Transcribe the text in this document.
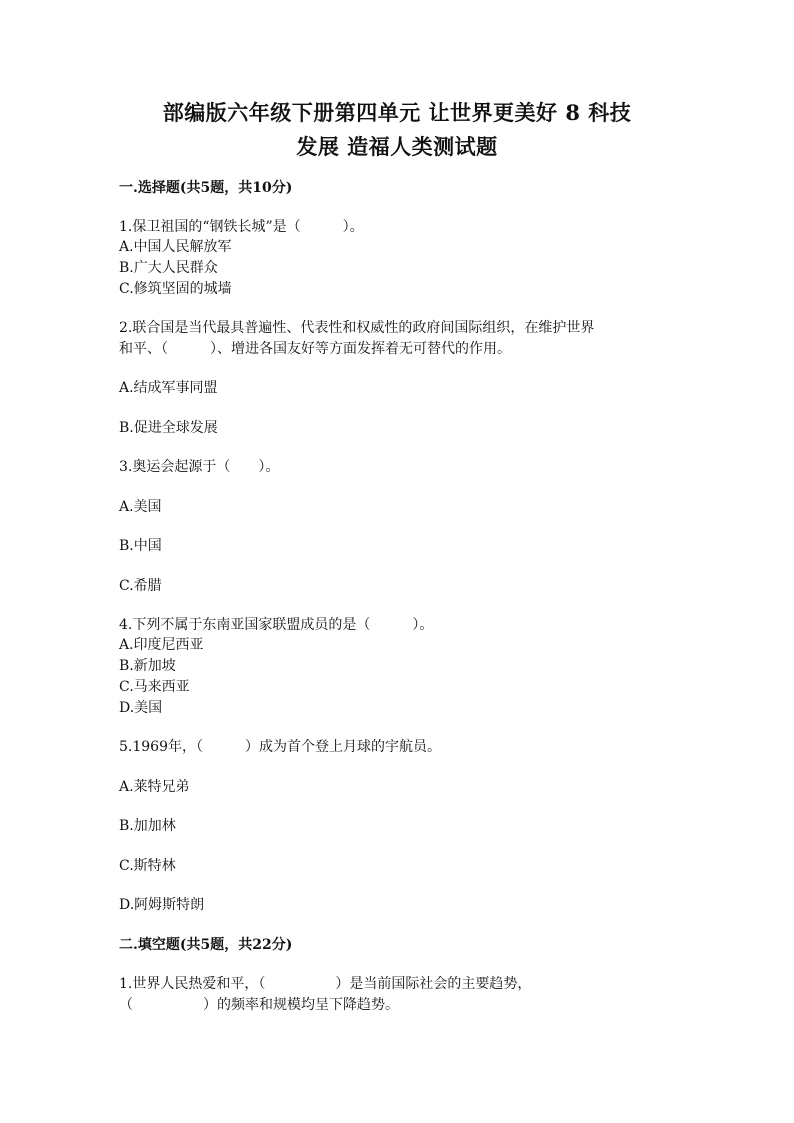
部编版六年级下册第四单元 让世界更美好 8 科技
发展 造福人类测试题
一.选择题(共5题，共10分)
1.保卫祖国的“钢铁长城”是（　　　）。
A.中国人民解放军
B.广大人民群众
C.修筑坚固的城墙
2.联合国是当代最具普遍性、代表性和权威性的政府间国际组织，在维护世界
和平、（　　　）、增进各国友好等方面发挥着无可替代的作用。
A.结成军事同盟
B.促进全球发展
3.奥运会起源于（　　）。
A.美国
B.中国
C.希腊
4.下列不属于东南亚国家联盟成员的是（　　　）。
A.印度尼西亚
B.新加坡
C.马来西亚
D.美国
5.1969年，（　　　）成为首个登上月球的宇航员。
A.莱特兄弟
B.加加林
C.斯特林
D.阿姆斯特朗
二.填空题(共5题，共22分)
1.世界人民热爱和平，（　　　　　）是当前国际社会的主要趋势，
（　　　　　）的频率和规模均呈下降趋势。
